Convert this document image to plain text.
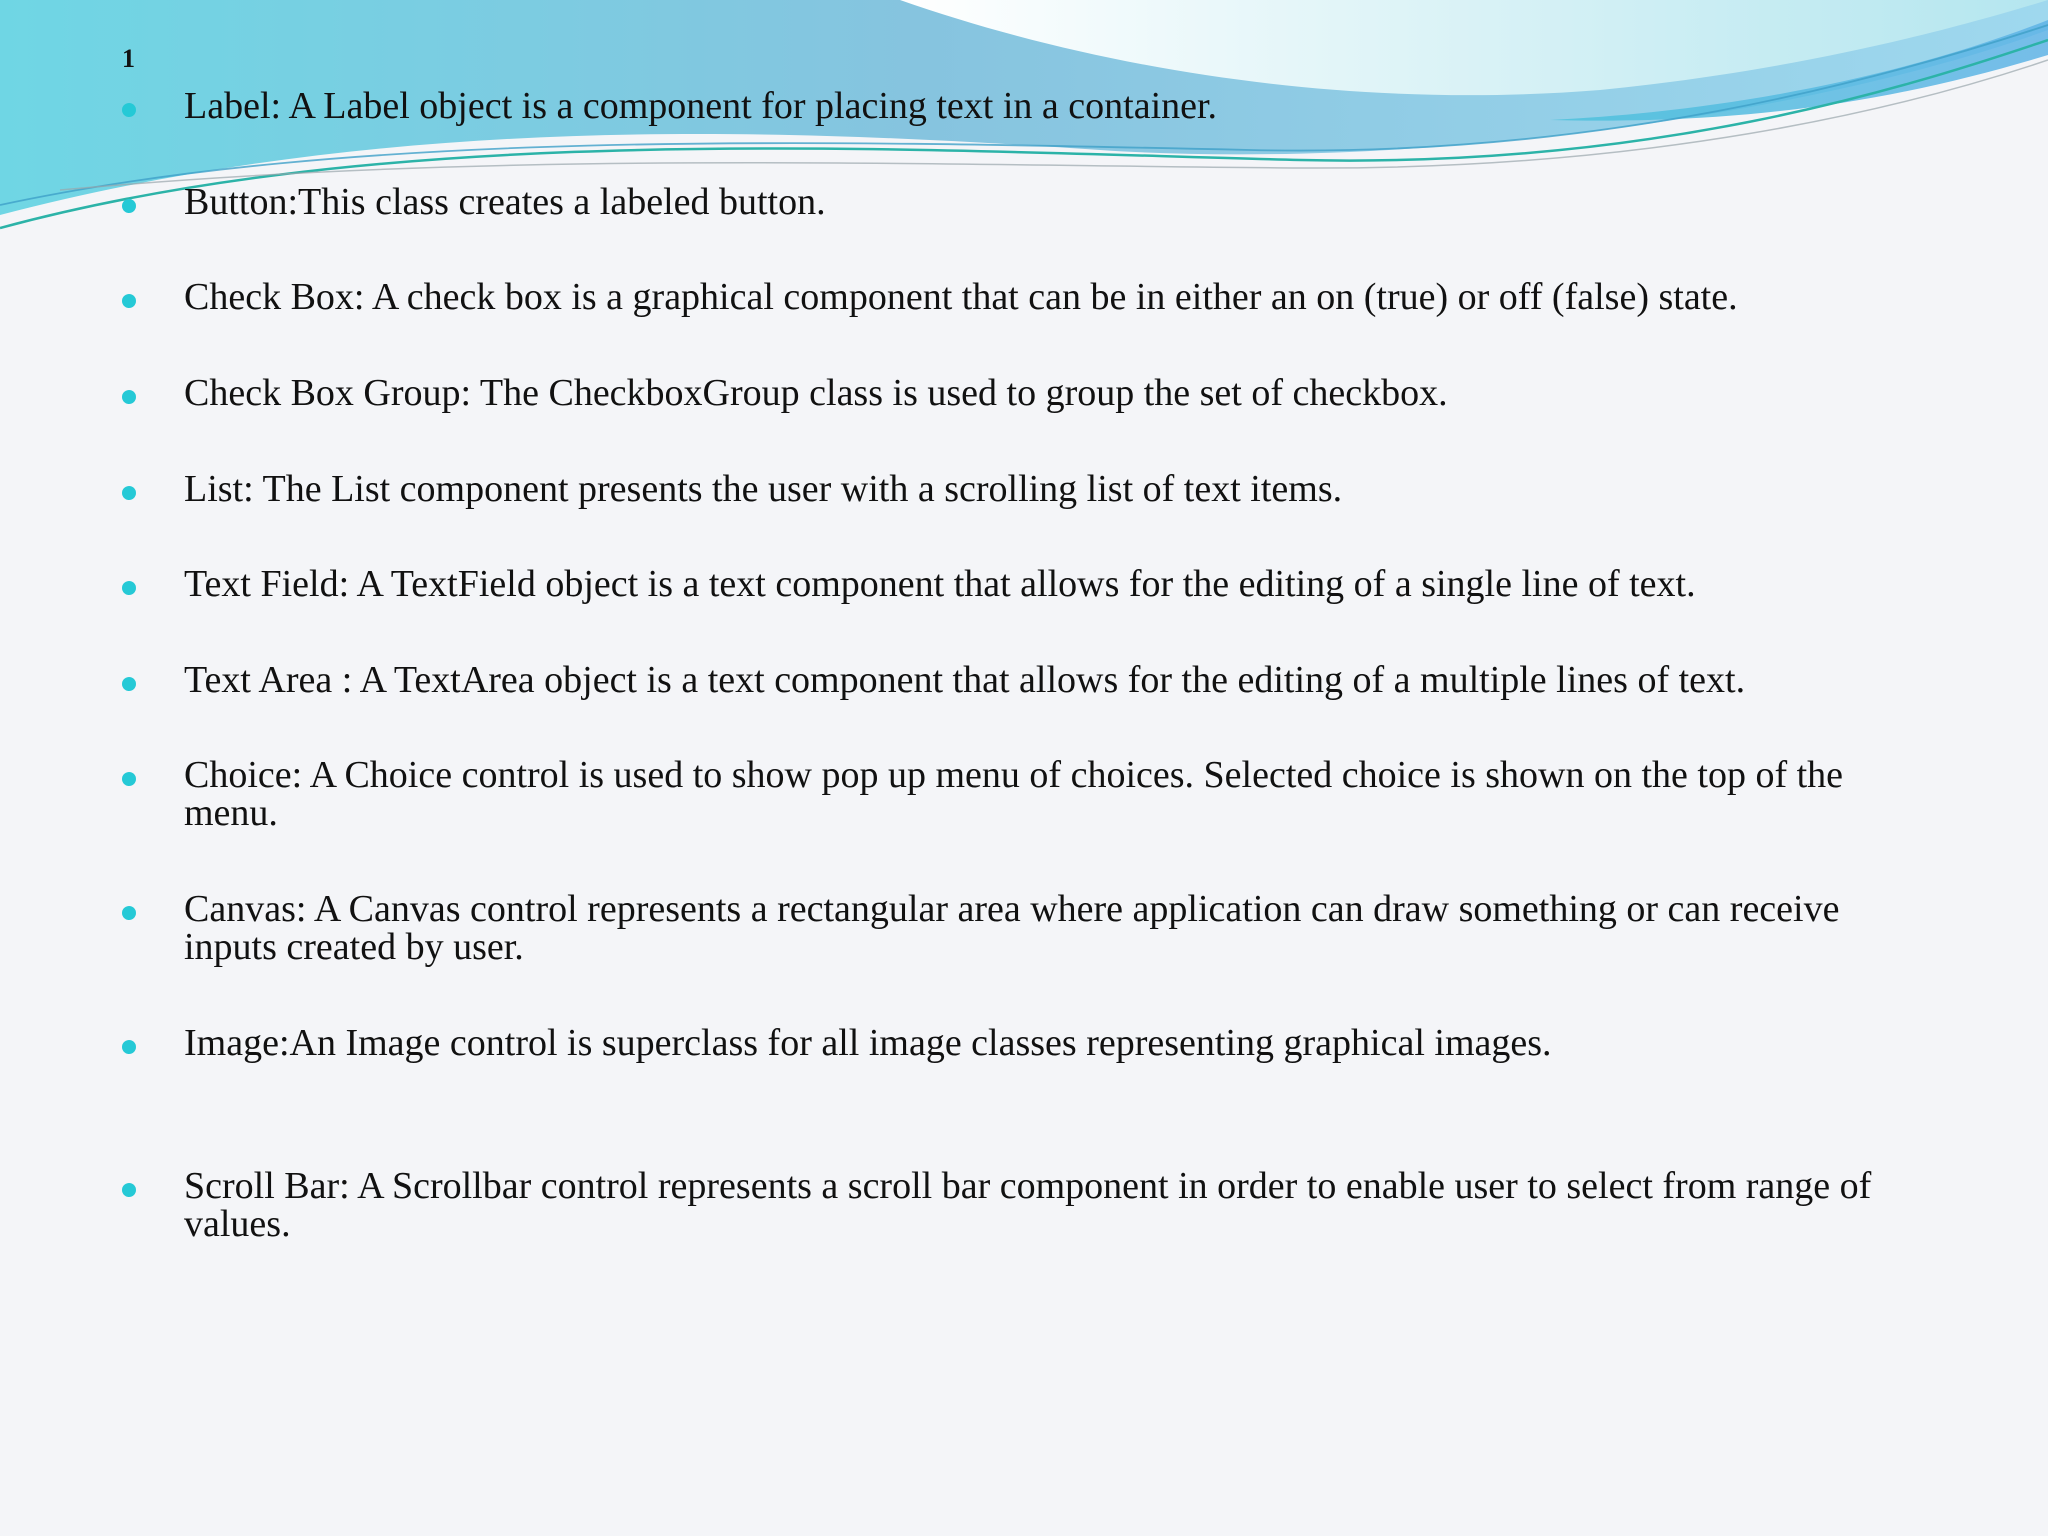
1
Label: A Label object is a component for placing text in a container.
Button:This class creates a labeled button.
Check Box: A check box is a graphical component that can be in either an on (true) or off (false) state.
Check Box Group: The CheckboxGroup class is used to group the set of checkbox.
List: The List component presents the user with a scrolling list of text items.
Text Field: A TextField object is a text component that allows for the editing of a single line of text.
Text Area : A TextArea object is a text component that allows for the editing of a multiple lines of text.
Choice: A Choice control is used to show pop up menu of choices. Selected choice is shown on the top of the menu.
Canvas: A Canvas control represents a rectangular area where application can draw something or can receive inputs created by user.
Image:An Image control is superclass for all image classes representing graphical images.
Scroll Bar: A Scrollbar control represents a scroll bar component in order to enable user to select from range of values.
